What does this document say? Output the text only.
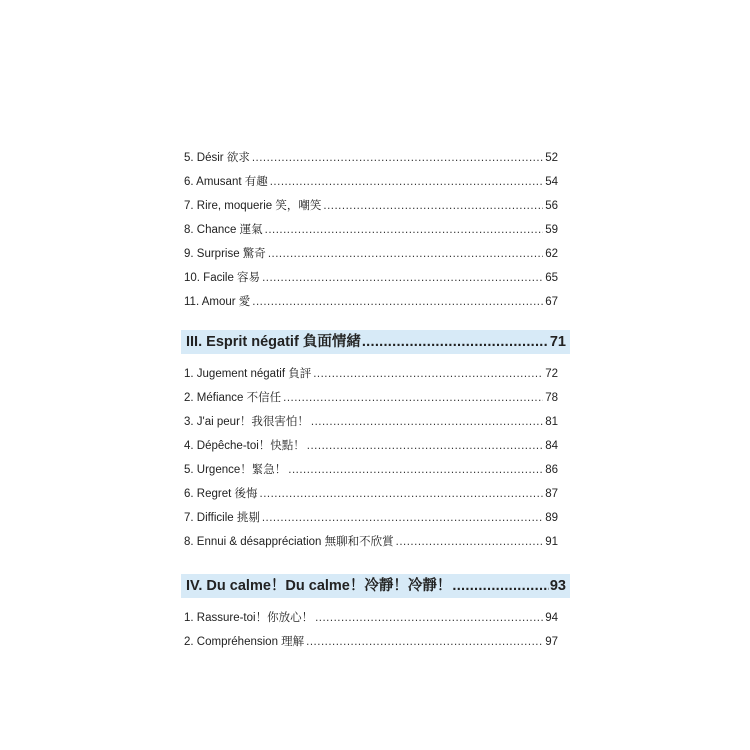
5. Désir 欲求 .....	52
6. Amusant 有趣 .....	54
7. Rire, moquerie 笑，嘲笑 .....	56
8. Chance 運氣 .....	59
9. Surprise 驚奇 .....	62
10. Facile 容易 .....	65
11. Amour 愛 .....	67
III. Esprit négatif 負面情緒 .....	71
1. Jugement négatif 負評 .....	72
2. Méfiance 不信任 .....	78
3. J'ai peur！我很害怕！ .....	81
4. Dépêche-toi！快點！ .....	84
5. Urgence！緊急！ .....	86
6. Regret 後悔 .....	87
7. Difficile 挑剔 .....	89
8. Ennui & désappréciation 無聊和不欣賞 .....	91
IV. Du calme！Du calme！冷靜！冷靜！ .....	93
1. Rassure-toi！你放心！ .....	94
2. Compréhension 理解 .....	97
